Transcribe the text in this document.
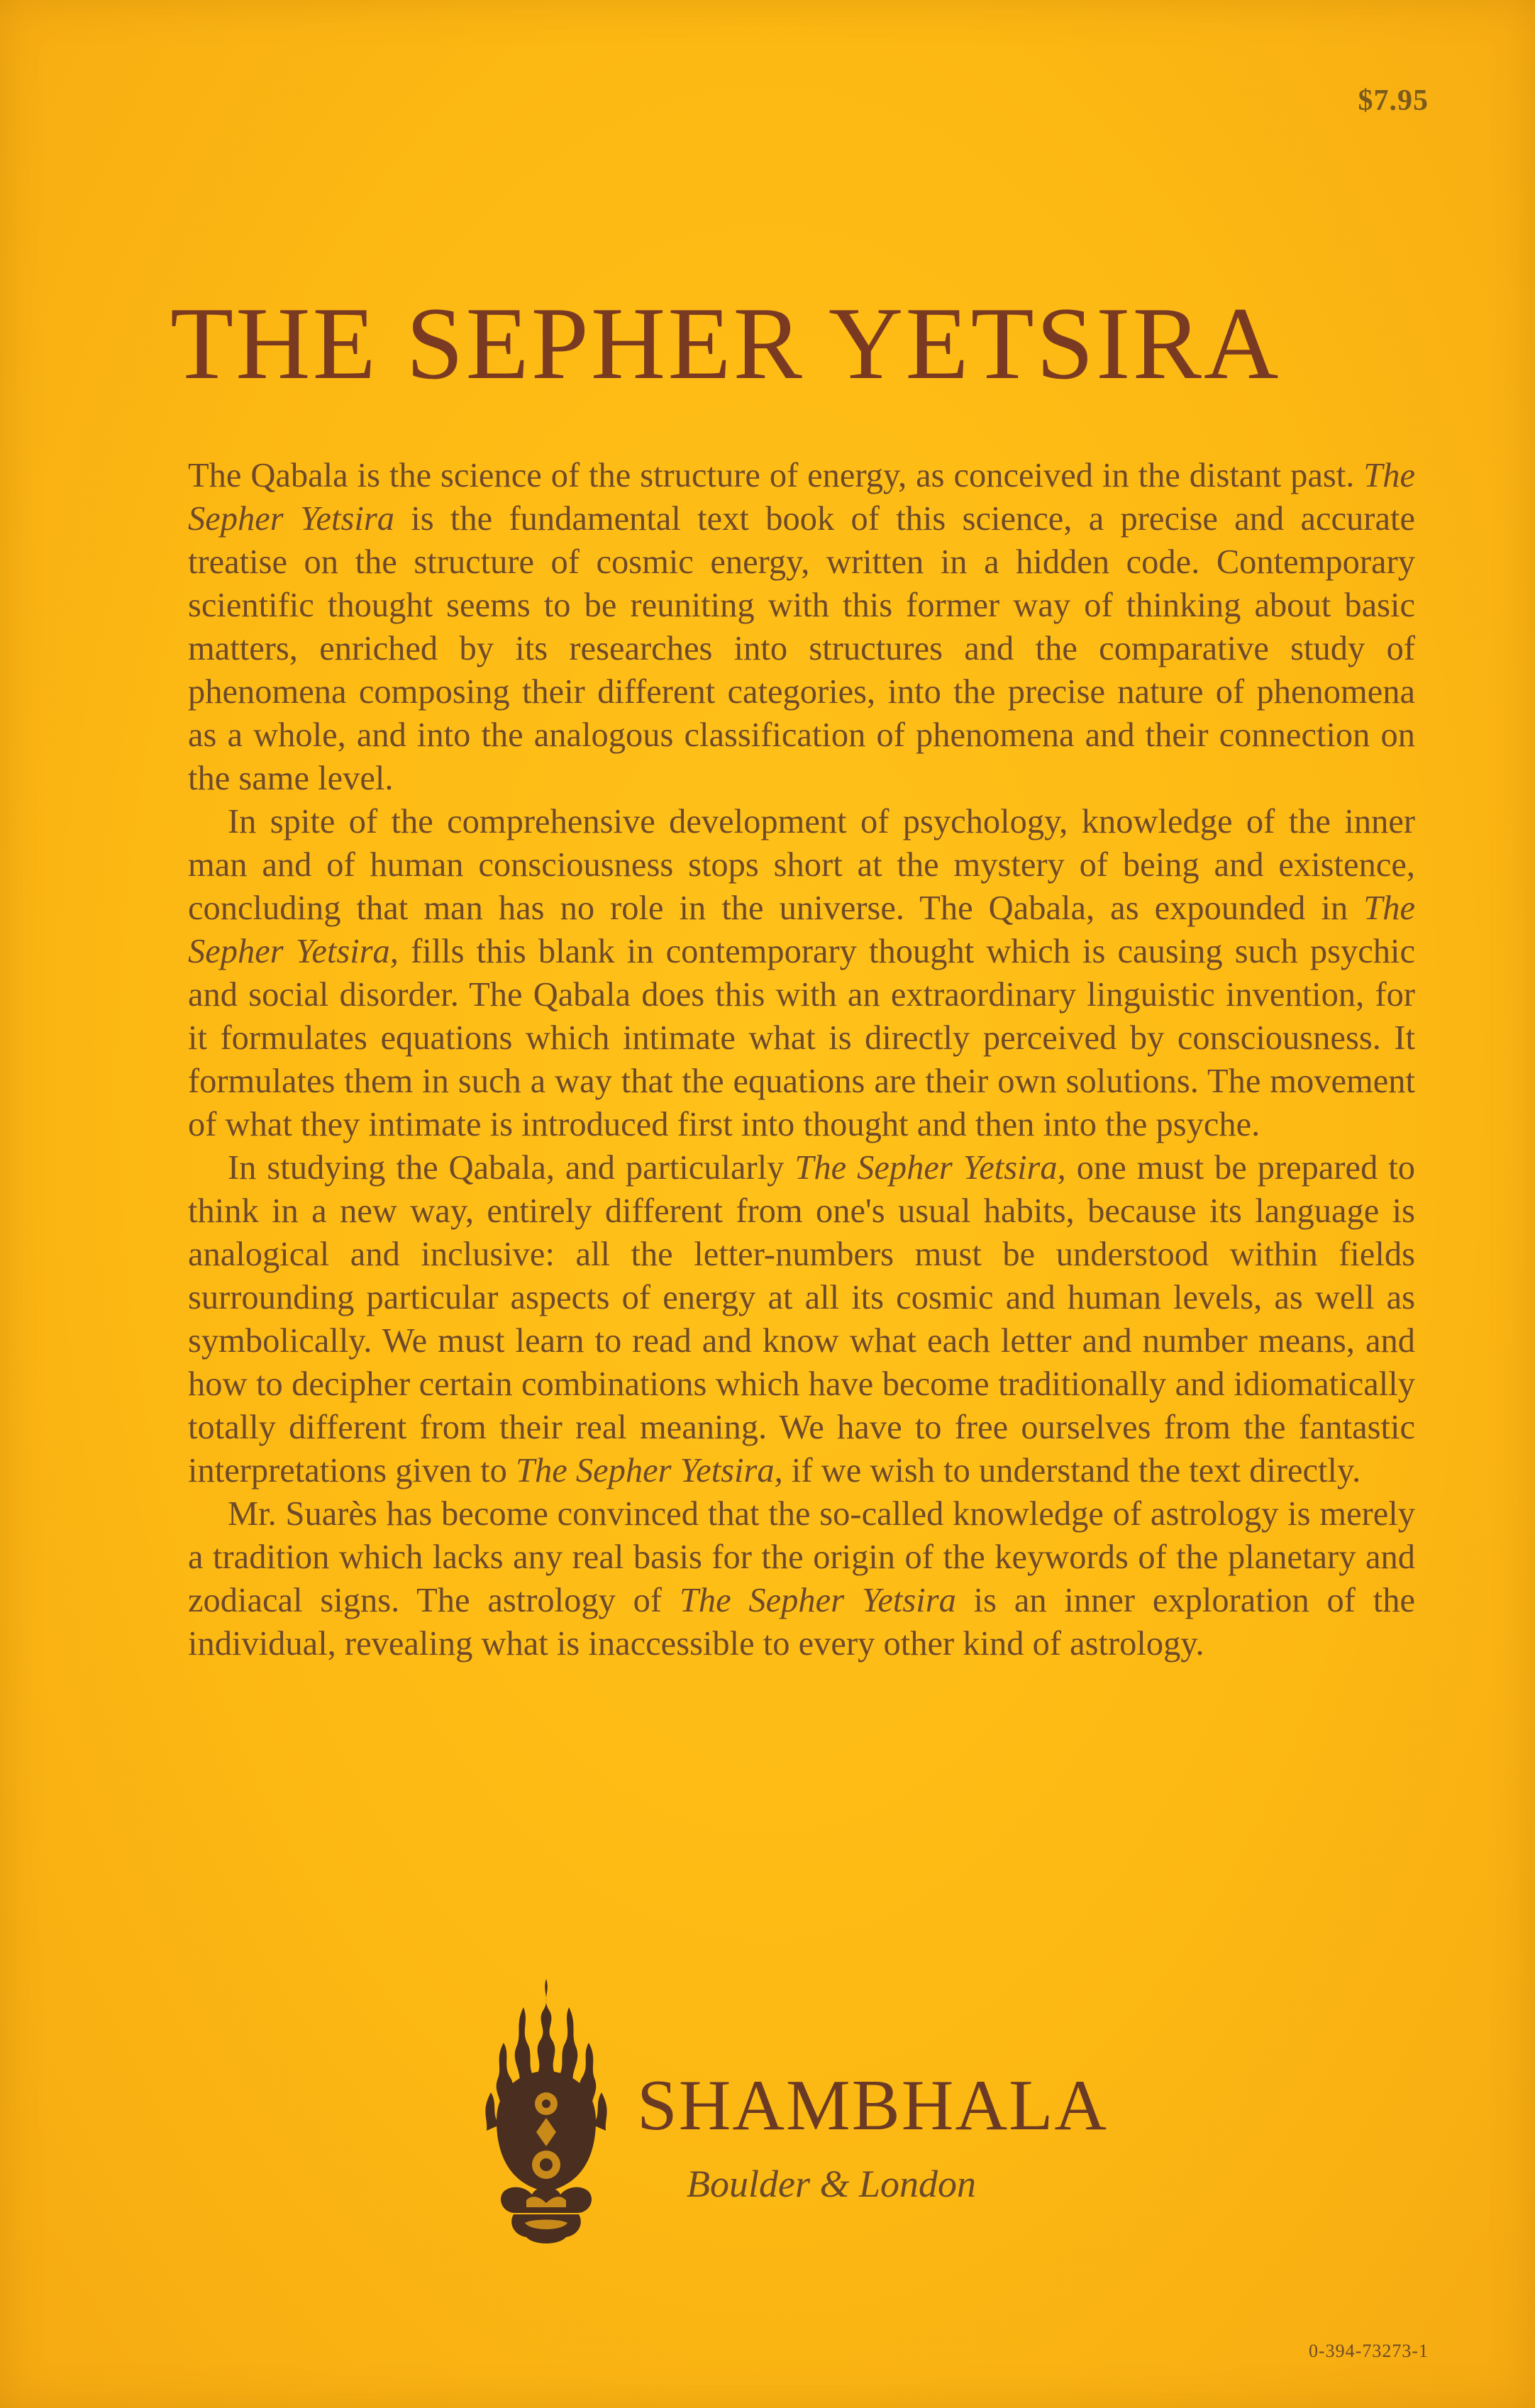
$7.95
THE SEPHER YETSIRA

The Qabala is the science of the structure of energy, as conceived in the distant past. The Sepher Yetsira is the fundamental text book of this science, a precise and accurate treatise on the structure of cosmic energy, written in a hidden code. Contemporary scientific thought seems to be reuniting with this former way of thinking about basic matters, enriched by its researches into structures and the comparative study of phenomena composing their different categories, into the precise nature of phenomena as a whole, and into the analogous classification of phenomena and their connection on the same level.

In spite of the comprehensive development of psychology, knowledge of the inner man and of human consciousness stops short at the mystery of being and existence, concluding that man has no role in the universe. The Qabala, as expounded in The Sepher Yetsira, fills this blank in contemporary thought which is causing such psychic and social disorder. The Qabala does this with an extraordinary linguistic invention, for it formulates equations which intimate what is directly perceived by consciousness. It formulates them in such a way that the equations are their own solutions. The movement of what they intimate is introduced first into thought and then into the psyche.

In studying the Qabala, and particularly The Sepher Yetsira, one must be prepared to think in a new way, entirely different from one's usual habits, because its language is analogical and inclusive: all the letter-numbers must be understood within fields surrounding particular aspects of energy at all its cosmic and human levels, as well as symbolically. We must learn to read and know what each letter and number means, and how to decipher certain combinations which have become traditionally and idiomatically totally different from their real meaning. We have to free ourselves from the fantastic interpretations given to The Sepher Yetsira, if we wish to understand the text directly.

Mr. Suarès has become convinced that the so-called knowledge of astrology is merely a tradition which lacks any real basis for the origin of the keywords of the planetary and zodiacal signs. The astrology of The Sepher Yetsira is an inner exploration of the individual, revealing what is inaccessible to every other kind of astrology.

SHAMBHALA
Boulder & London
0-394-73273-1
